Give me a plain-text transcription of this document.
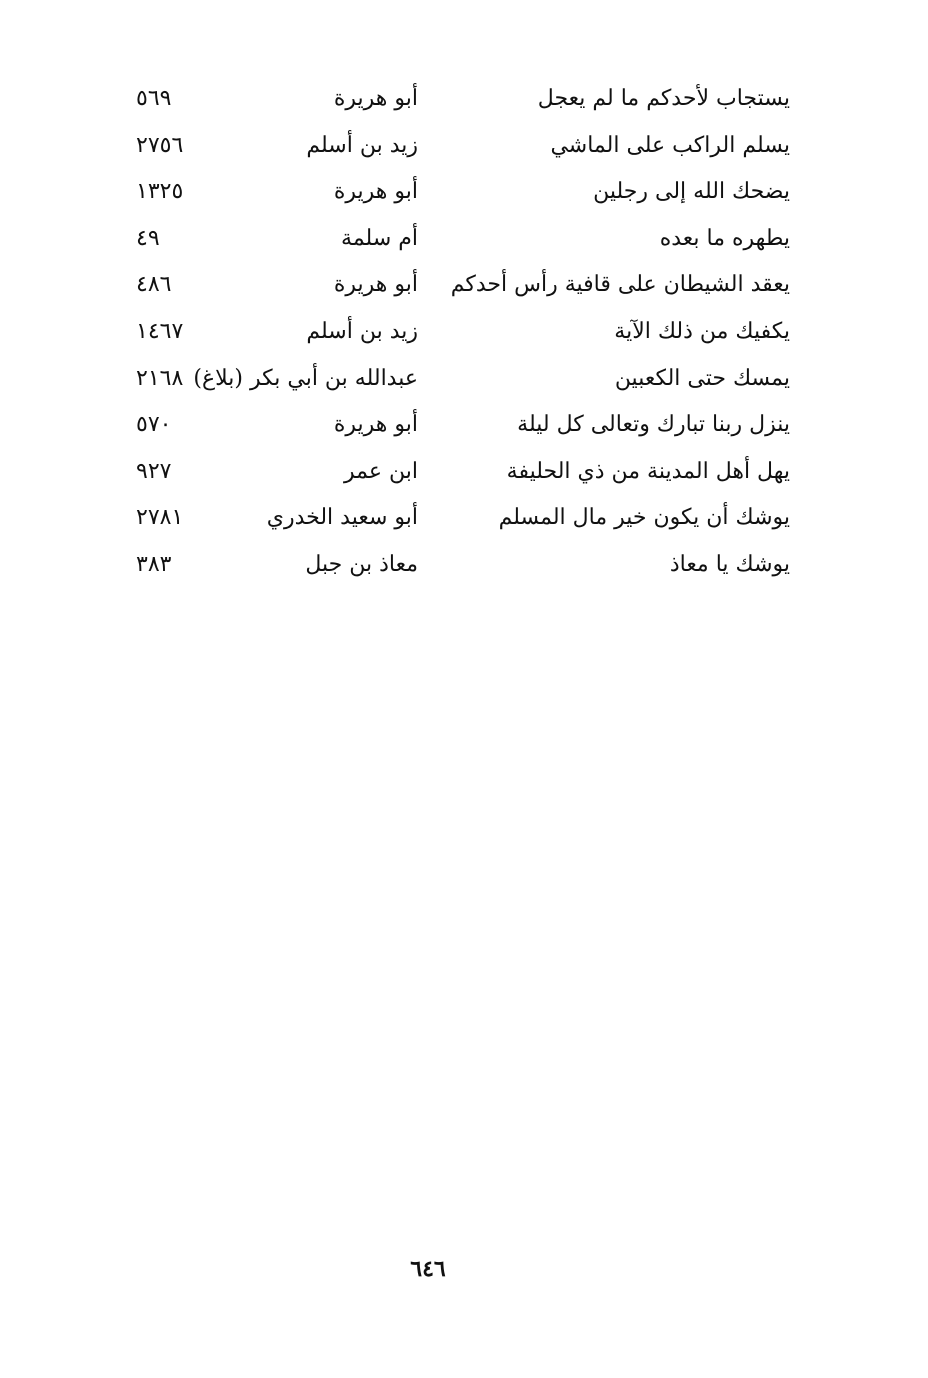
يستجاب لأحدكم ما لم يعجل
أبو هريرة
٥٦٩
يسلم الراكب على الماشي
زيد بن أسلم
٢٧٥٦
يضحك الله إلى رجلين
أبو هريرة
١٣٢٥
يطهره ما بعده
أم سلمة
٤٩
يعقد الشيطان على قافية رأس أحدكم
أبو هريرة
٤٨٦
يكفيك من ذلك الآية
زيد بن أسلم
١٤٦٧
يمسك حتى الكعبين
عبدالله بن أبي بكر (بلاغ)
٢١٦٨
ينزل ربنا تبارك وتعالى كل ليلة
أبو هريرة
٥٧٠
يهل أهل المدينة من ذي الحليفة
ابن عمر
٩٢٧
يوشك أن يكون خير مال المسلم
أبو سعيد الخدري
٢٧٨١
يوشك يا معاذ
معاذ بن جبل
٣٨٣
٦٤٦
